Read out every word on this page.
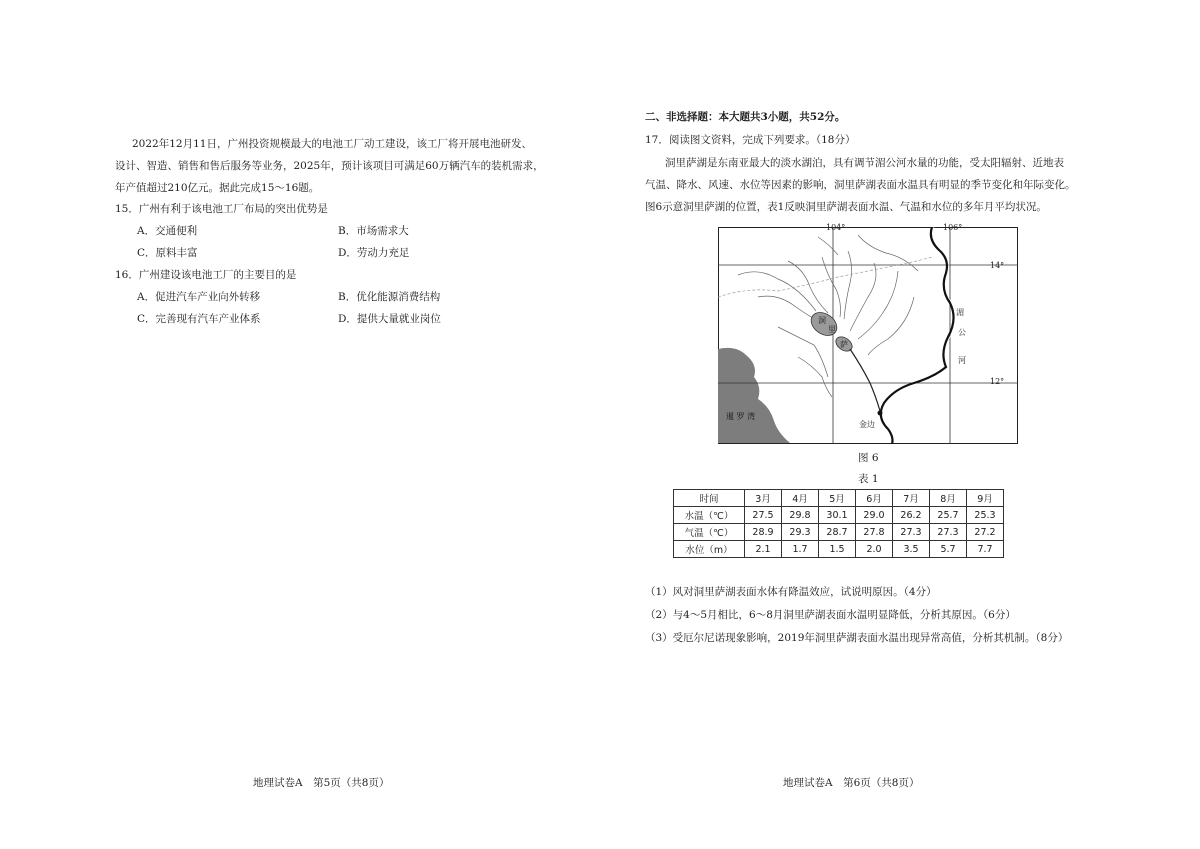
2022年12月11日，广州投资规模最大的电池工厂动工建设，该工厂将开展电池研发、
设计、智造、销售和售后服务等业务，2025年，预计该项目可满足60万辆汽车的装机需求，
年产值超过210亿元。据此完成15～16题。
15．广州有利于该电池工厂布局的突出优势是
A．交通便利	B．市场需求大
C．原料丰富	D．劳动力充足
16．广州建设该电池工厂的主要目的是
A．促进汽车产业向外转移	B．优化能源消费结构
C．完善现有汽车产业体系	D．提供大量就业岗位
地理试卷A　第5页（共8页）
二、非选择题：本大题共3小题，共52分。
17．阅读图文资料，完成下列要求。（18分）
洞里萨湖是东南亚最大的淡水湖泊，具有调节湄公河水量的功能，受太阳辐射、近地表
气温、降水、风速、水位等因素的影响，洞里萨湖表面水温具有明显的季节变化和年际变化。
图6示意洞里萨湖的位置，表1反映洞里萨湖表面水温、气温和水位的多年月平均状况。
104°	106°
14°
12°
湄
公
河
洞
里
萨
暹 罗 湾
金边
图 6
表 1
时间	3月	4月	5月	6月	7月	8月	9月
水温（℃）	27.5	29.8	30.1	29.0	26.2	25.7	25.3
气温（℃）	28.9	29.3	28.7	27.8	27.3	27.3	27.2
水位（m）	2.1	1.7	1.5	2.0	3.5	5.7	7.7
（1）风对洞里萨湖表面水体有降温效应，试说明原因。（4分）
（2）与4～5月相比，6～8月洞里萨湖表面水温明显降低，分析其原因。（6分）
（3）受厄尔尼诺现象影响，2019年洞里萨湖表面水温出现异常高值，分析其机制。（8分）
地理试卷A　第6页（共8页）
